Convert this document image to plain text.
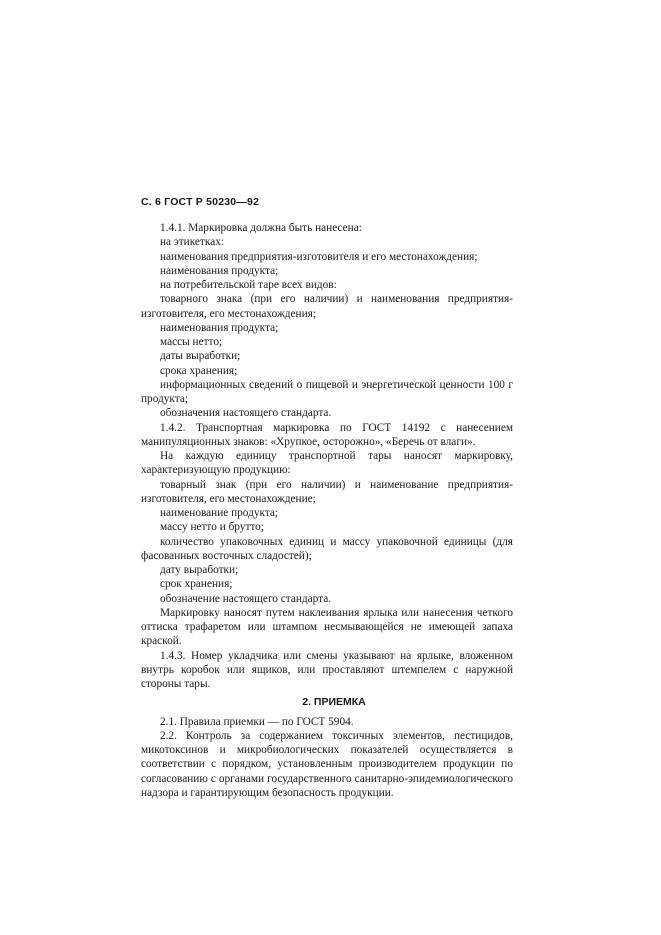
С. 6 ГОСТ Р 50230—92

1.4.1. Маркировка должна быть нанесена:

на этикетках:

наименования предприятия-изготовителя и его местонахождения;

наименования продукта;

на потребительской таре всех видов:

товарного знака (при его наличии) и наименования предприятия-изготовителя, его местонахождения;

наименования продукта;

массы нетто;

даты выработки;

срока хранения;

информационных сведений о пищевой и энергетической ценности 100 г продукта;

обозначения настоящего стандарта.

1.4.2. Транспортная маркировка по ГОСТ 14192 с нанесением манипуляционных знаков: «Хрупкое, осторожно», «Беречь от влаги».

На каждую единицу транспортной тары наносят маркировку, характеризующую продукцию:

товарный знак (при его наличии) и наименование предприятия-изготовителя, его местонахождение;

наименование продукта;

массу нетто и брутто;

количество упаковочных единиц и массу упаковочной единицы (для фасованных восточных сладостей);

дату выработки;

срок хранения;

обозначение настоящего стандарта.

Маркировку наносят путем наклеивания ярлыка или нанесения четкого оттиска трафаретом или штампом несмывающейся не имеющей запаха краской.

1.4.3. Номер укладчика или смены указывают на ярлыке, вложенном внутрь коробок или ящиков, или проставляют штемпелем с наружной стороны тары.

2. ПРИЕМКА

2.1. Правила приемки — по ГОСТ 5904.

2.2. Контроль за содержанием токсичных элементов, пестицидов, микотоксинов и микробиологических показателей осуществляется в соответствии с порядком, установленным производителем продукции по согласованию с органами государственного санитарно-эпидемиологического надзора и гарантирующим безопасность продукции.
